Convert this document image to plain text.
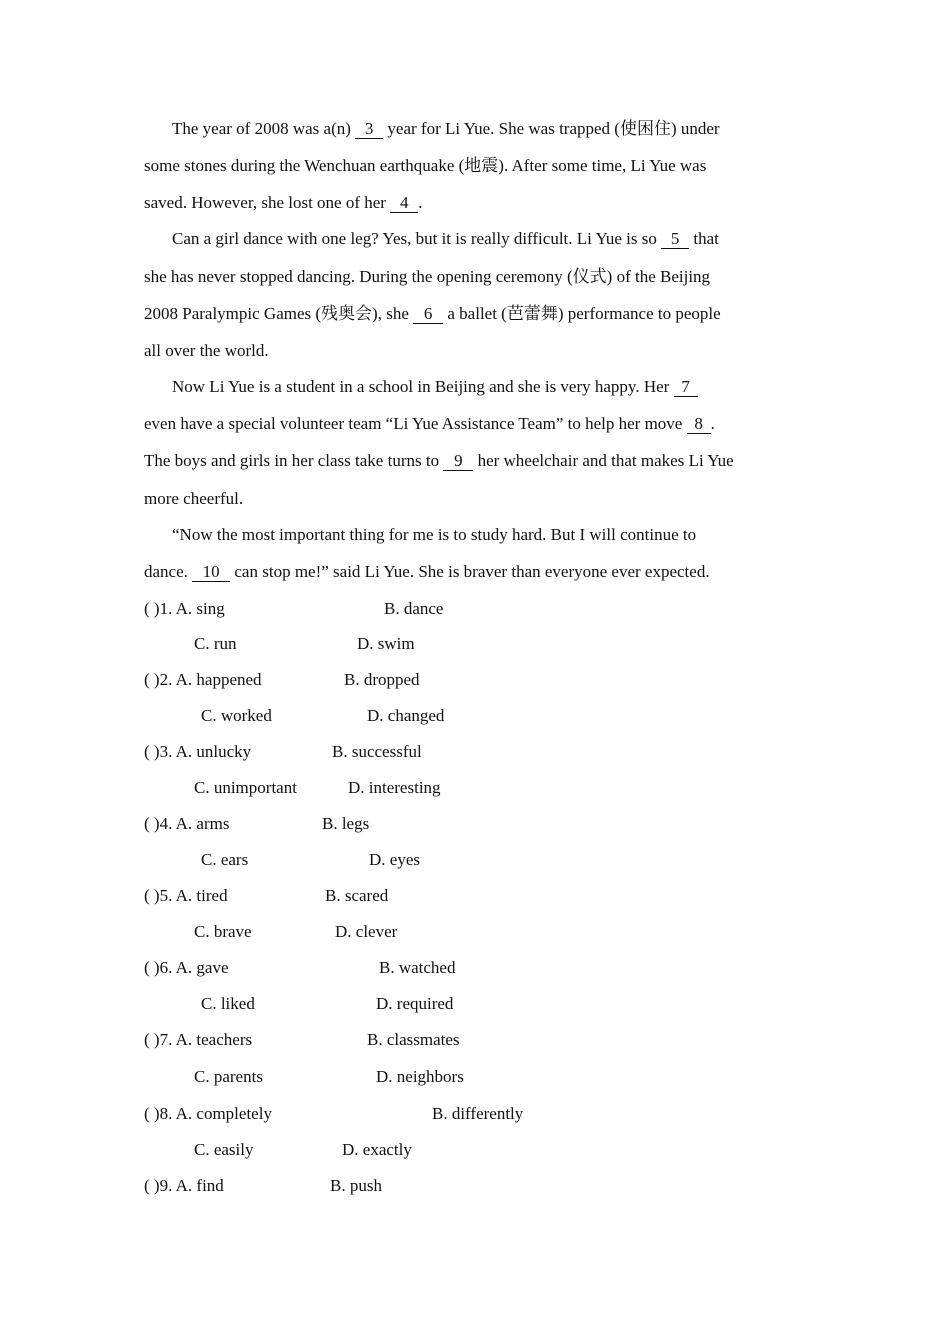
The year of 2008 was a(n) 3 year for Li Yue. She was trapped (使困住) under
some stones during the Wenchuan earthquake (地震). After some time, Li Yue was
saved. However, she lost one of her 4 .
Can a girl dance with one leg? Yes, but it is really difficult. Li Yue is so 5 that
she has never stopped dancing. During the opening ceremony (仪式) of the Beijing
2008 Paralympic Games (残奥会), she 6 a ballet (芭蕾舞) performance to people
all over the world.
Now Li Yue is a student in a school in Beijing and she is very happy. Her 7
even have a special volunteer team “Li Yue Assistance Team” to help her move 8 .
The boys and girls in her class take turns to 9 her wheelchair and that makes Li Yue
more cheerful.
“Now the most important thing for me is to study hard. But I will continue to
dance. 10 can stop me!” said Li Yue. She is braver than everyone ever expected.
( )1. A. sing	B. dance
C. run	D. swim
( )2. A. happened	B. dropped
C. worked	D. changed
( )3. A. unlucky	B. successful
C. unimportant	D. interesting
( )4. A. arms	B. legs
C. ears	D. eyes
( )5. A. tired	B. scared
C. brave	D. clever
( )6. A. gave	B. watched
C. liked	D. required
( )7. A. teachers	B. classmates
C. parents	D. neighbors
( )8. A. completely	B. differently
C. easily	D. exactly
( )9. A. find	B. push
